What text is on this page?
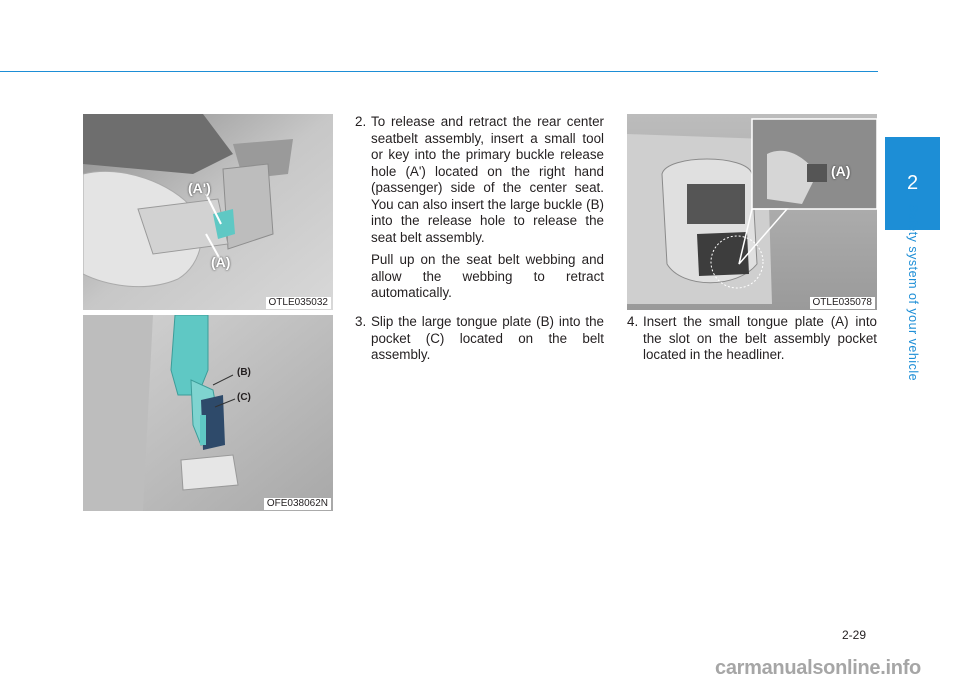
(A')
(A)
OTLE035032
(B)
(C)
OFE038062N
(A)
OTLE035078
2. To release and retract the rear center seatbelt assembly, insert a small tool or key into the primary buckle release hole (A') located on the right hand (passenger) side of the center seat. You can also insert the large buckle (B) into the release hole to release the seat belt assembly.

Pull up on the seat belt webbing and allow the webbing to retract automatically.

3. Slip the large tongue plate (B) into the pocket (C) located on the belt assembly.

4. Insert the small tongue plate (A) into the slot on the belt assembly pocket located in the headliner.

2
Safety system of your vehicle
2-29
carmanualsonline.info
